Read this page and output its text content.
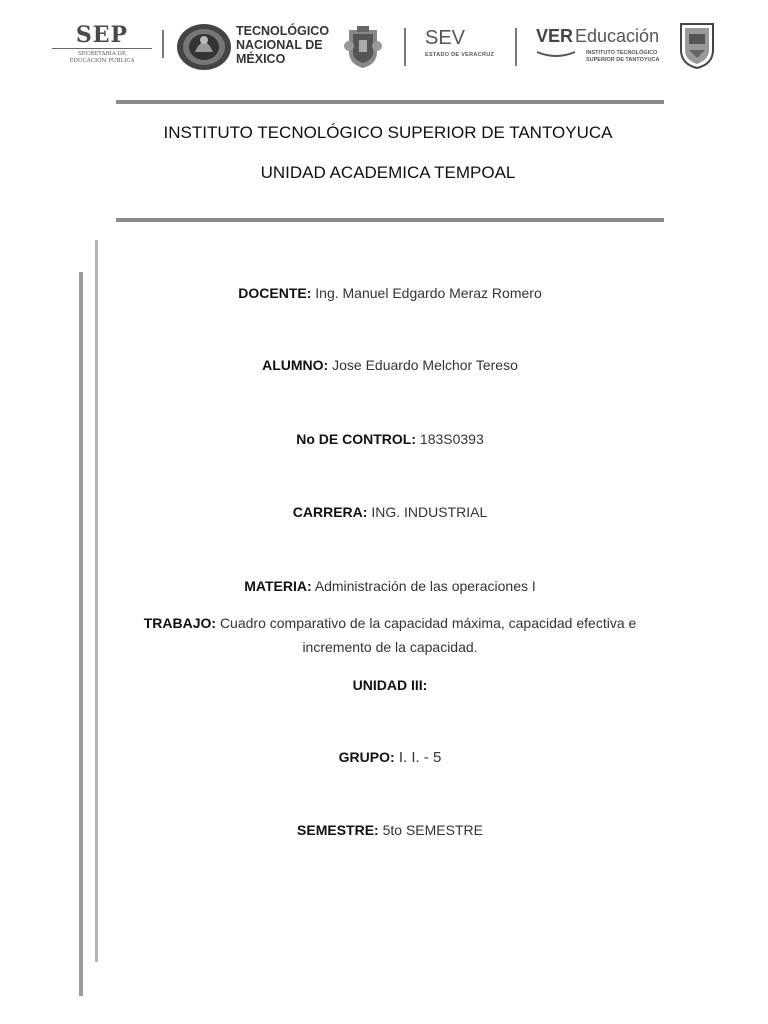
SEP
SECRETARÍA DE
EDUCACIÓN PÚBLICA
TECNOLÓGICO
NACIONAL DE
MÉXICO
SEV
ESTADO DE VERACRUZ
VER Educación
INSTITUTO TECNOLÓGICO
SUPERIOR DE TANTOYUCA
INSTITUTO TECNOLÓGICO SUPERIOR DE TANTOYUCA
UNIDAD ACADEMICA TEMPOAL
DOCENTE: Ing. Manuel Edgardo Meraz Romero
ALUMNO: Jose Eduardo Melchor Tereso
No DE CONTROL: 183S0393
CARRERA: ING. INDUSTRIAL
MATERIA: Administración de las operaciones I
TRABAJO: Cuadro comparativo de la capacidad máxima, capacidad efectiva e
incremento de la capacidad.
UNIDAD III:
GRUPO: I. I. - 5
SEMESTRE: 5to SEMESTRE
